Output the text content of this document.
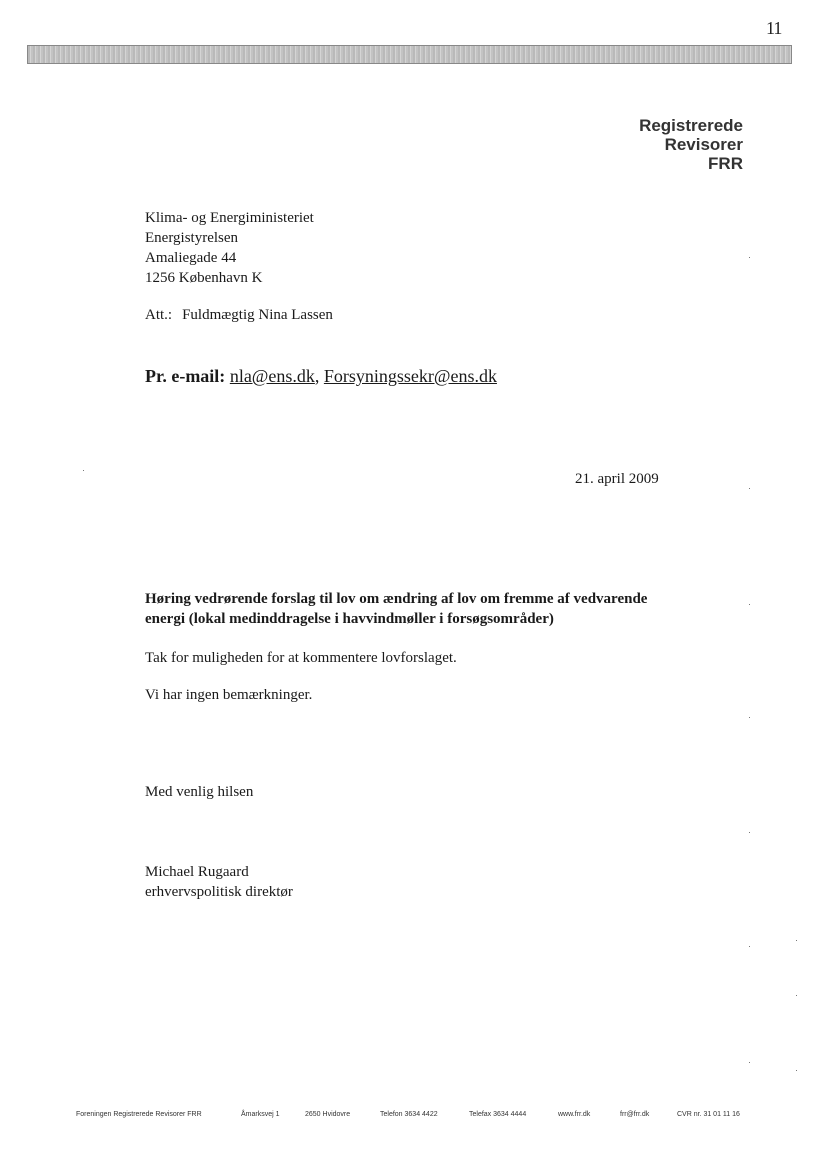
11
Registrerede
Revisorer
FRR
Klima- og Energiministeriet
Energistyrelsen
Amaliegade 44
1256 København K
Att.: Fuldmægtig Nina Lassen
Pr. e-mail: nla@ens.dk, Forsyningssekr@ens.dk
21. april 2009
Høring vedrørende forslag til lov om ændring af lov om fremme af vedvarende energi (lokal medinddragelse i havvindmøller i forsøgsområder)
Tak for muligheden for at kommentere lovforslaget.
Vi har ingen bemærkninger.
Med venlig hilsen
Michael Rugaard
erhvervspolitisk direktør
Foreningen Registrerede Revisorer FRR	Åmarksvej 1	2650 Hvidovre	Telefon 3634 4422	Telefax 3634 4444	www.frr.dk	frr@frr.dk	CVR nr. 31 01 11 16
